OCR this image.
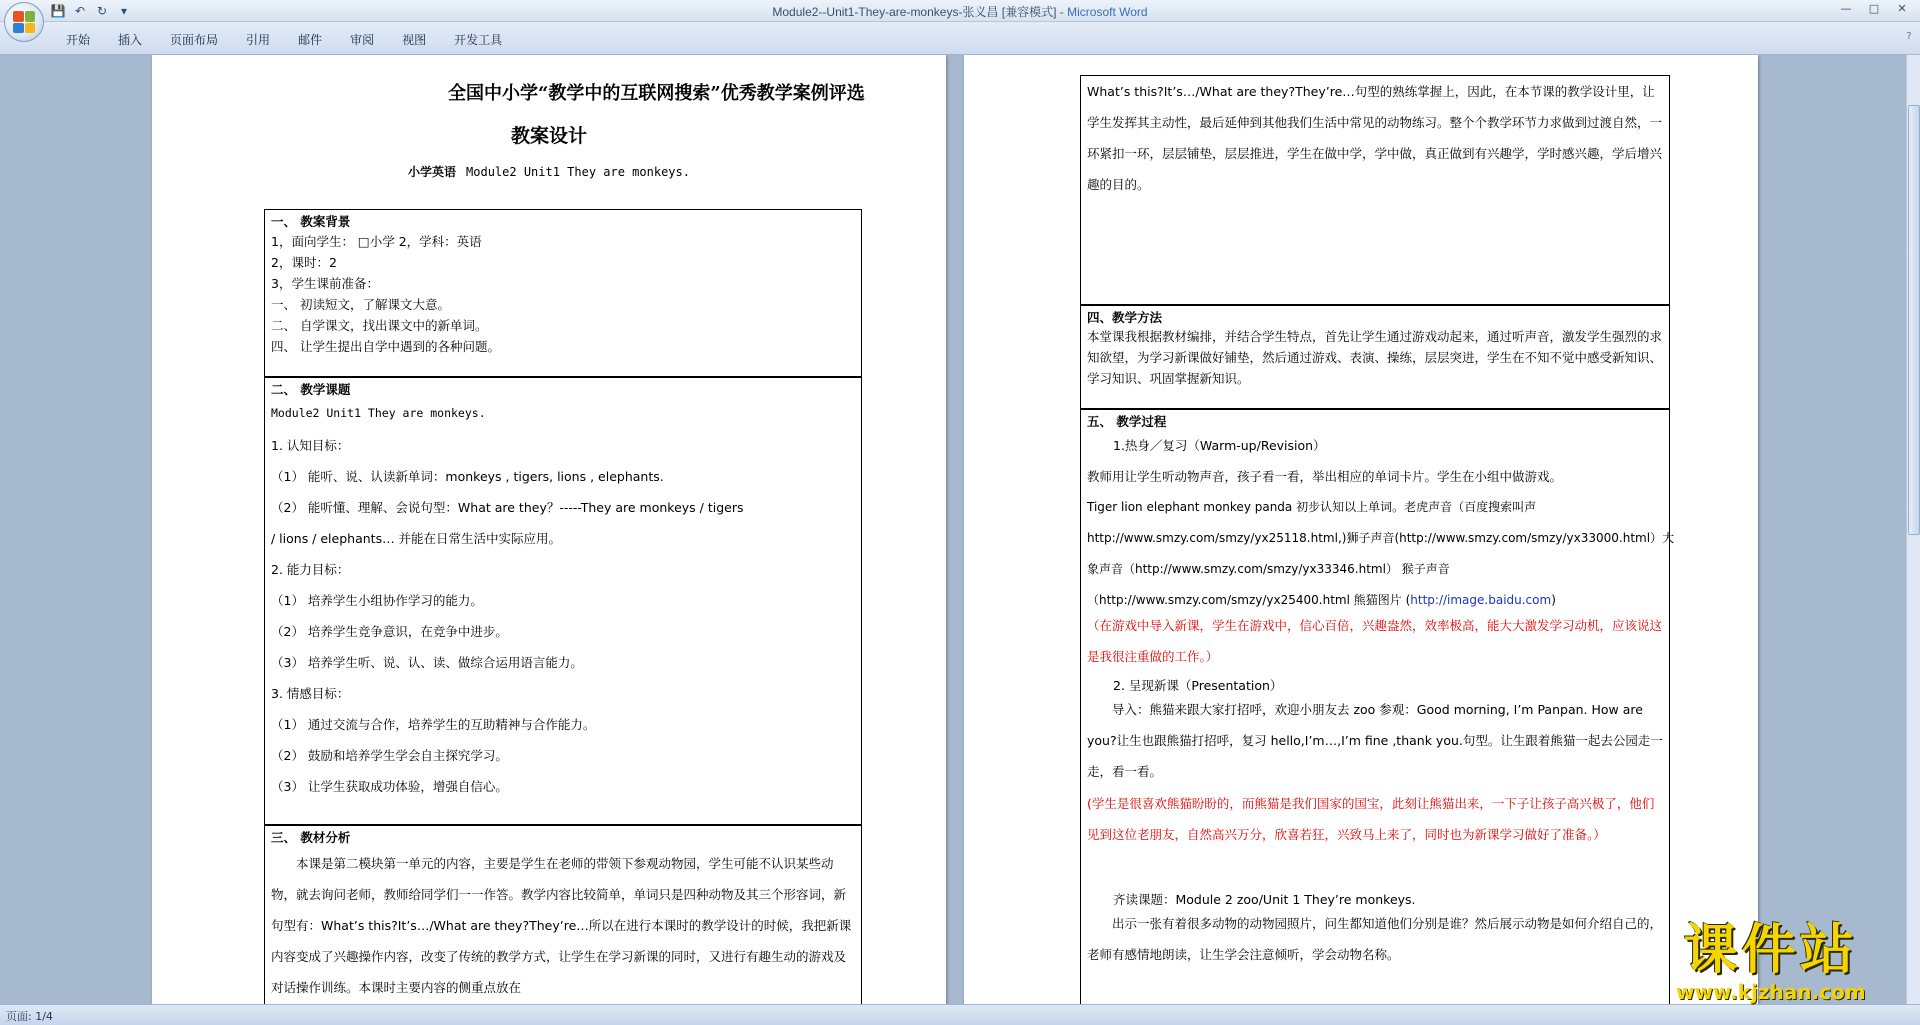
💾 ↶ ↻	▾	Module2--Unit1-They-are-monkeys-张义昌 [兼容模式] - Microsoft Word	—	□	✕
开始	插入	页面布局	引用	邮件	审阅	视图	开发工具	?
全国中小学“教学中的互联网搜索”优秀教学案例评选
教案设计
小学英语 Module2 Unit1 They are monkeys.
一、 教案背景
1，面向学生： □小学 2，学科：英语
2，课时：2
3，学生课前准备：
一、 初读短文，了解课文大意。
二、 自学课文，找出课文中的新单词。
四、 让学生提出自学中遇到的各种问题。
二、 教学课题
Module2 Unit1 They are monkeys.
1. 认知目标：
（1） 能听、说、认读新单词：monkeys , tigers, lions , elephants.
（2） 能听懂、理解、会说句型：What are they？-----They are monkeys / tigers
/ lions / elephants… 并能在日常生活中实际应用。
2. 能力目标：
（1） 培养学生小组协作学习的能力。
（2） 培养学生竞争意识，在竞争中进步。
（3） 培养学生听、说、认、读、做综合运用语言能力。
3. 情感目标：
（1） 通过交流与合作，培养学生的互助精神与合作能力。
（2） 鼓励和培养学生学会自主探究学习。
（3） 让学生获取成功体验，增强自信心。
三、 教材分析
本课是第二模块第一单元的内容，主要是学生在老师的带领下参观动物园，学生可能不认识某些动物，就去询问老师，教师给同学们一一作答。教学内容比较简单，单词只是四种动物及其三个形容词，新句型有：What’s this?It’s…/What are they?They’re…所以在进行本课时的教学设计的时候，我把新课内容变成了兴趣操作内容，改变了传统的教学方式，让学生在学习新课的同时，又进行有趣生动的游戏及对话操作训练。本课时主要内容的侧重点放在
What’s this?It’s…/What are they?They’re…句型的熟练掌握上，因此，在本节课的教学设计里，让学生发挥其主动性，最后延伸到其他我们生活中常见的动物练习。整个个教学环节力求做到过渡自然，一环紧扣一环，层层铺垫，层层推进，学生在做中学，学中做，真正做到有兴趣学，学时感兴趣，学后增兴趣的目的。
四、教学方法
本堂课我根据教材编排，并结合学生特点，首先让学生通过游戏动起来，通过听声音，激发学生强烈的求知欲望，为学习新课做好铺垫，然后通过游戏、表演、操练，层层突进，学生在不知不觉中感受新知识、学习知识、巩固掌握新知识。
五、 教学过程
1.热身／复习（Warm-up/Revision）
教师用让学生听动物声音，孩子看一看，举出相应的单词卡片。学生在小组中做游戏。
Tiger lion elephant monkey panda 初步认知以上单词。老虎声音（百度搜索叫声
http://www.smzy.com/smzy/yx25118.html,)狮子声音(http://www.smzy.com/smzy/yx33000.html）大
象声音（http://www.smzy.com/smzy/yx33346.html） 猴子声音
（http://www.smzy.com/smzy/yx25400.html 熊猫图片 (http://image.baidu.com)
（在游戏中导入新课，学生在游戏中，信心百倍，兴趣盎然，效率极高，能大大激发学习动机，应该说这是我很注重做的工作。）
2. 呈现新课（Presentation）
导入：熊猫来跟大家打招呼，欢迎小朋友去 zoo 参观：Good morning, I’m Panpan. How are you?让生也跟熊猫打招呼，复习 hello,I’m…,I’m fine ,thank you.句型。让生跟着熊猫一起去公园走一走，看一看。
(学生是很喜欢熊猫盼盼的，而熊猫是我们国家的国宝，此刻让熊猫出来，一下子让孩子高兴极了，他们见到这位老朋友，自然高兴万分，欣喜若狂，兴致马上来了，同时也为新课学习做好了准备。）
齐读课题：Module 2 zoo/Unit 1 They’re monkeys.
出示一张有着很多动物的动物园照片，问生都知道他们分别是谁？然后展示动物是如何介绍自己的，老师有感情地朗读，让生学会注意倾听，学会动物名称。
页面: 1/4
课件站
www.kjzhan.com
